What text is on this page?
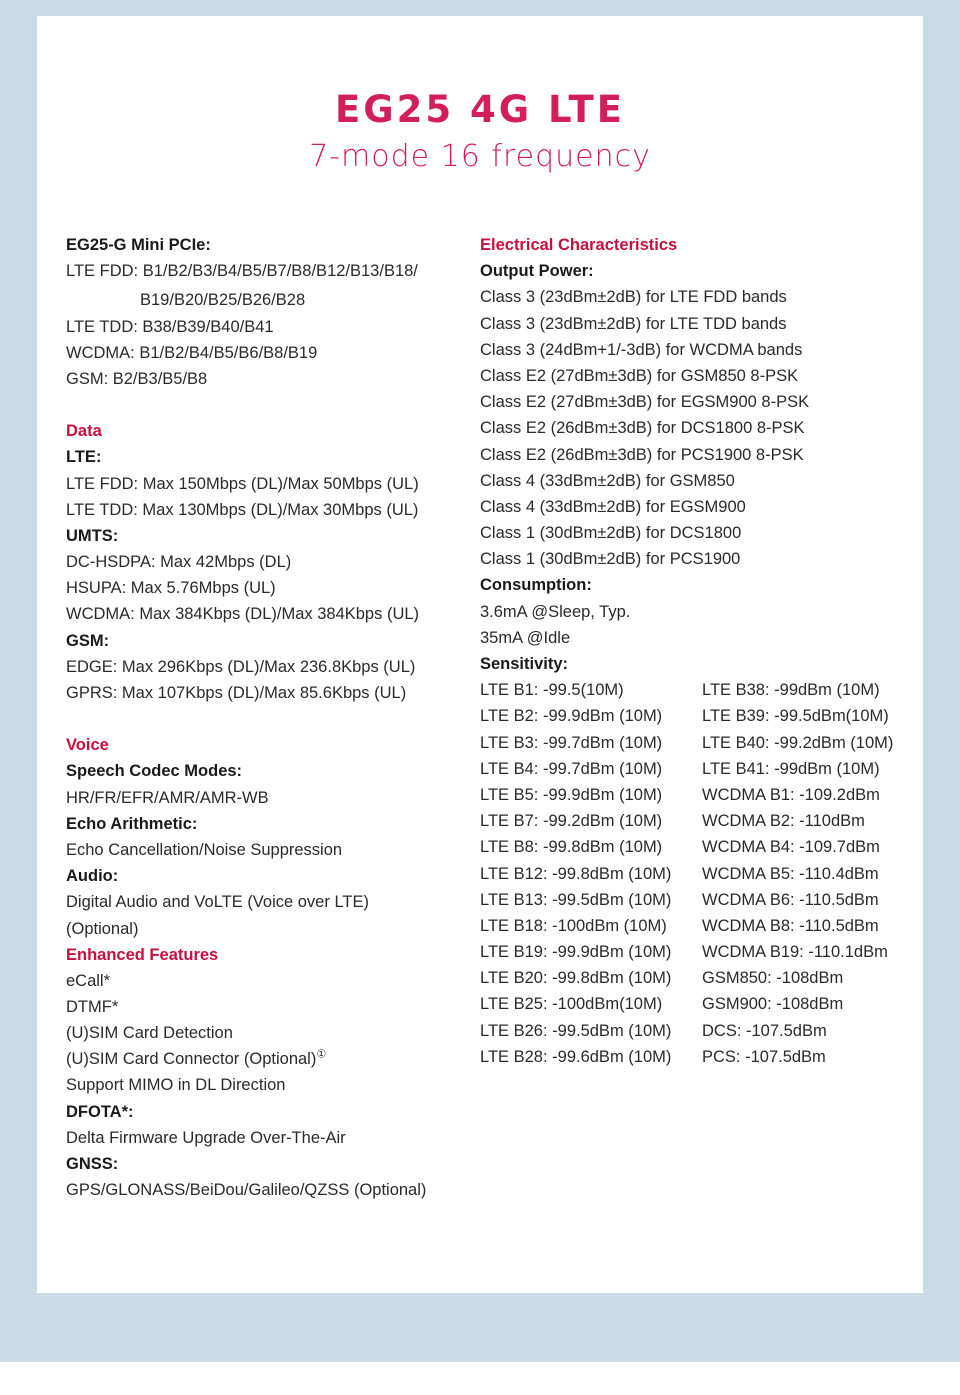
EG25 4G LTE
7-mode 16 frequency
EG25-G Mini PCIe:
LTE FDD: B1/B2/B3/B4/B5/B7/B8/B12/B13/B18/
B19/B20/B25/B26/B28
LTE TDD: B38/B39/B40/B41
WCDMA: B1/B2/B4/B5/B6/B8/B19
GSM: B2/B3/B5/B8
Data
LTE:
LTE FDD: Max 150Mbps (DL)/Max 50Mbps (UL)
LTE TDD: Max 130Mbps (DL)/Max 30Mbps (UL)
UMTS:
DC-HSDPA: Max 42Mbps (DL)
HSUPA: Max 5.76Mbps (UL)
WCDMA: Max 384Kbps (DL)/Max 384Kbps (UL)
GSM:
EDGE: Max 296Kbps (DL)/Max 236.8Kbps (UL)
GPRS: Max 107Kbps (DL)/Max 85.6Kbps (UL)
Voice
Speech Codec Modes:
HR/FR/EFR/AMR/AMR-WB
Echo Arithmetic:
Echo Cancellation/Noise Suppression
Audio:
Digital Audio and VoLTE (Voice over LTE) (Optional)
Enhanced Features
eCall*
DTMF*
(U)SIM Card Detection
(U)SIM Card Connector (Optional)①
Support MIMO in DL Direction
DFOTA*:
Delta Firmware Upgrade Over-The-Air
GNSS:
GPS/GLONASS/BeiDou/Galileo/QZSS (Optional)
Electrical Characteristics
Output Power:
Class 3 (23dBm±2dB) for LTE FDD bands
Class 3 (23dBm±2dB) for LTE TDD bands
Class 3 (24dBm+1/-3dB) for WCDMA bands
Class E2 (27dBm±3dB) for GSM850 8-PSK
Class E2 (27dBm±3dB) for EGSM900 8-PSK
Class E2 (26dBm±3dB) for DCS1800 8-PSK
Class E2 (26dBm±3dB) for PCS1900 8-PSK
Class 4 (33dBm±2dB) for GSM850
Class 4 (33dBm±2dB) for EGSM900
Class 1 (30dBm±2dB) for DCS1800
Class 1 (30dBm±2dB) for PCS1900
Consumption:
3.6mA @Sleep, Typ.
35mA @Idle
Sensitivity:
LTE B1: -99.5(10M)	LTE B38: -99dBm (10M)
LTE B2: -99.9dBm (10M)	LTE B39: -99.5dBm(10M)
LTE B3: -99.7dBm (10M)	LTE B40: -99.2dBm (10M)
LTE B4: -99.7dBm (10M)	LTE B41: -99dBm (10M)
LTE B5: -99.9dBm (10M)	WCDMA B1: -109.2dBm
LTE B7: -99.2dBm (10M)	WCDMA B2: -110dBm
LTE B8: -99.8dBm (10M)	WCDMA B4: -109.7dBm
LTE B12: -99.8dBm (10M)	WCDMA B5: -110.4dBm
LTE B13: -99.5dBm (10M)	WCDMA B6: -110.5dBm
LTE B18: -100dBm (10M)	WCDMA B8: -110.5dBm
LTE B19: -99.9dBm (10M)	WCDMA B19: -110.1dBm
LTE B20: -99.8dBm (10M)	GSM850: -108dBm
LTE B25: -100dBm(10M)	GSM900: -108dBm
LTE B26: -99.5dBm (10M)	DCS: -107.5dBm
LTE B28: -99.6dBm (10M)	PCS: -107.5dBm
